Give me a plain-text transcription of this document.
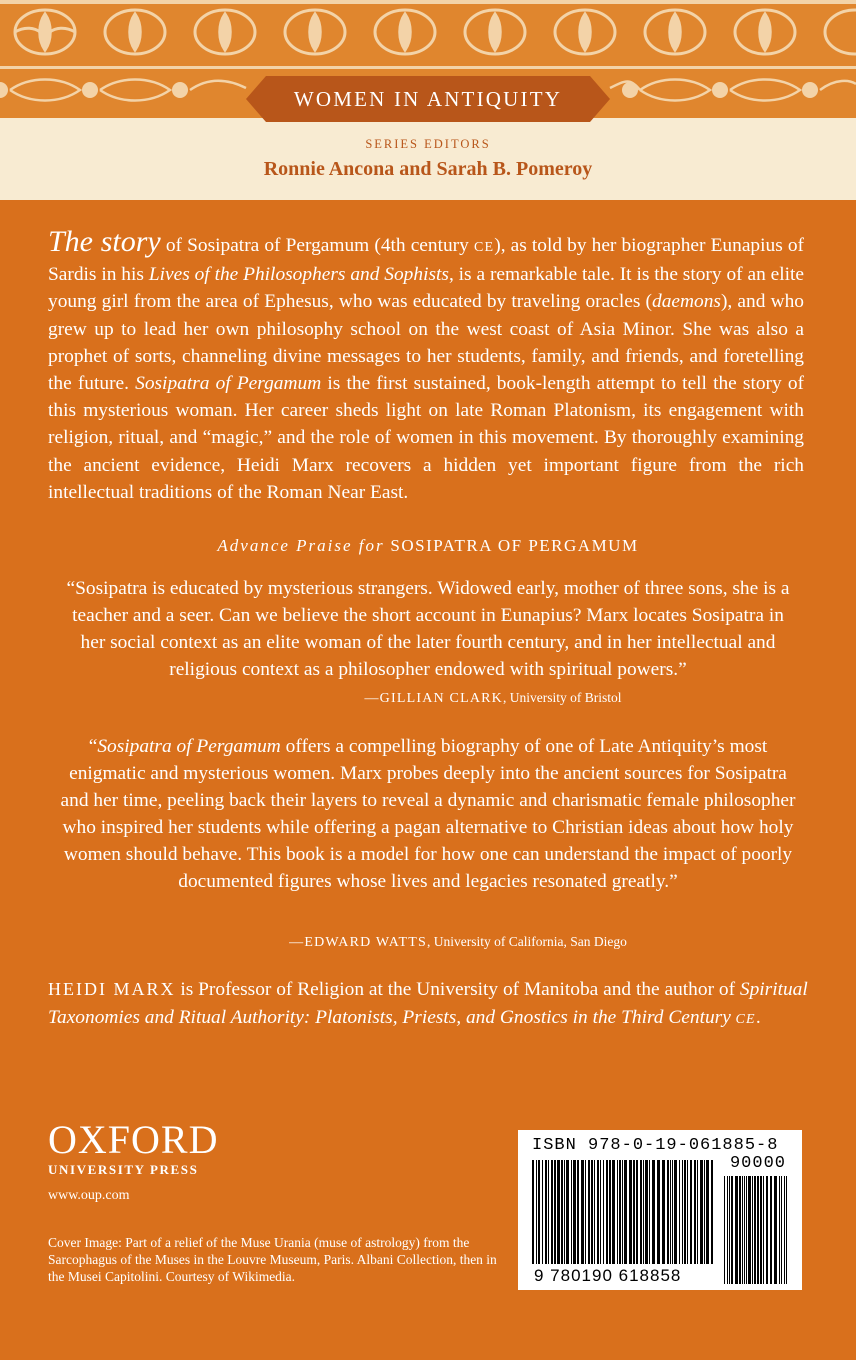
WOMEN IN ANTIQUITY
SERIES EDITORS
Ronnie Ancona and Sarah B. Pomeroy
The story of Sosipatra of Pergamum (4th century CE), as told by her biographer Eunapius of Sardis in his Lives of the Philosophers and Sophists, is a remarkable tale. It is the story of an elite young girl from the area of Ephesus, who was educated by traveling oracles (daemons), and who grew up to lead her own philosophy school on the west coast of Asia Minor. She was also a prophet of sorts, channeling divine messages to her students, family, and friends, and foretelling the future. Sosipatra of Pergamum is the first sustained, book-length attempt to tell the story of this mysterious woman. Her career sheds light on late Roman Platonism, its engagement with religion, ritual, and “magic,” and the role of women in this movement. By thoroughly examining the ancient evidence, Heidi Marx recovers a hidden yet important figure from the rich intellectual traditions of the Roman Near East.
Advance Praise for SOSIPATRA OF PERGAMUM
“Sosipatra is educated by mysterious strangers. Widowed early, mother of three sons, she is a teacher and a seer. Can we believe the short account in Eunapius? Marx locates Sosipatra in her social context as an elite woman of the later fourth century, and in her intellectual and religious context as a philosopher endowed with spiritual powers.”
—GILLIAN CLARK, University of Bristol
“Sosipatra of Pergamum offers a compelling biography of one of Late Antiquity’s most enigmatic and mysterious women. Marx probes deeply into the ancient sources for Sosipatra and her time, peeling back their layers to reveal a dynamic and charismatic female philosopher who inspired her students while offering a pagan alternative to Christian ideas about how holy women should behave. This book is a model for how one can understand the impact of poorly documented figures whose lives and legacies resonated greatly.”
—EDWARD WATTS, University of California, San Diego
HEIDI MARX is Professor of Religion at the University of Manitoba and the author of Spiritual Taxonomies and Ritual Authority: Platonists, Priests, and Gnostics in the Third Century CE.
OXFORD
UNIVERSITY PRESS
www.oup.com
Cover Image: Part of a relief of the Muse Urania (muse of astrology) from the Sarcophagus of the Muses in the Louvre Museum, Paris. Albani Collection, then in the Musei Capitolini. Courtesy of Wikimedia.
ISBN 978-0-19-061885-8
90000
9 780190 618858
